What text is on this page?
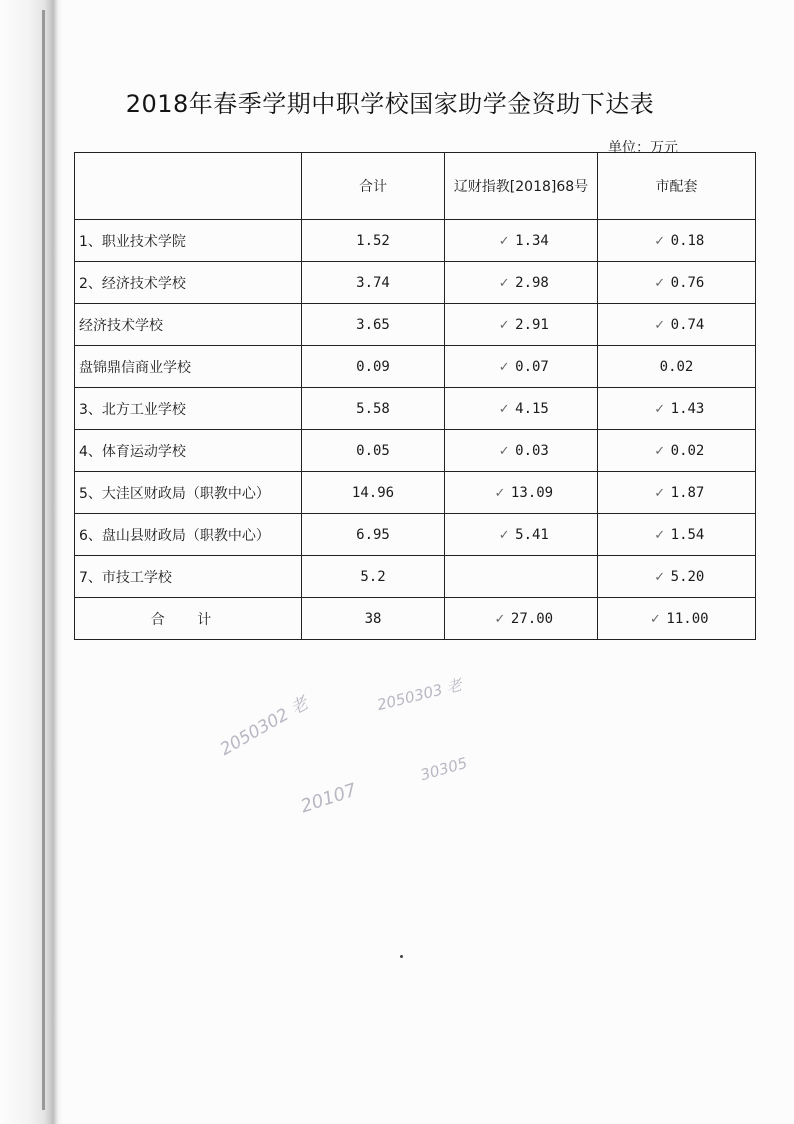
2018年春季学期中职学校国家助学金资助下达表
单位：万元
	合计	辽财指教[2018]68号	市配套
1、职业技术学院	1.52	✓ 1.34	✓ 0.18
2、经济技术学校	3.74	✓ 2.98	✓ 0.76
经济技术学校	3.65	✓ 2.91	✓ 0.74
盘锦鼎信商业学校	0.09	✓ 0.07	0.02
3、北方工业学校	5.58	✓ 4.15	✓ 1.43
4、体育运动学校	0.05	✓ 0.03	✓ 0.02
5、大洼区财政局（职教中心）	14.96	✓ 13.09	✓ 1.87
6、盘山县财政局（职教中心）	6.95	✓ 5.41	✓ 1.54
7、市技工学校	5.2		✓ 5.20
合 计	38	✓ 27.00	✓ 11.00
2050302 老	2050303 老
20107
30305
